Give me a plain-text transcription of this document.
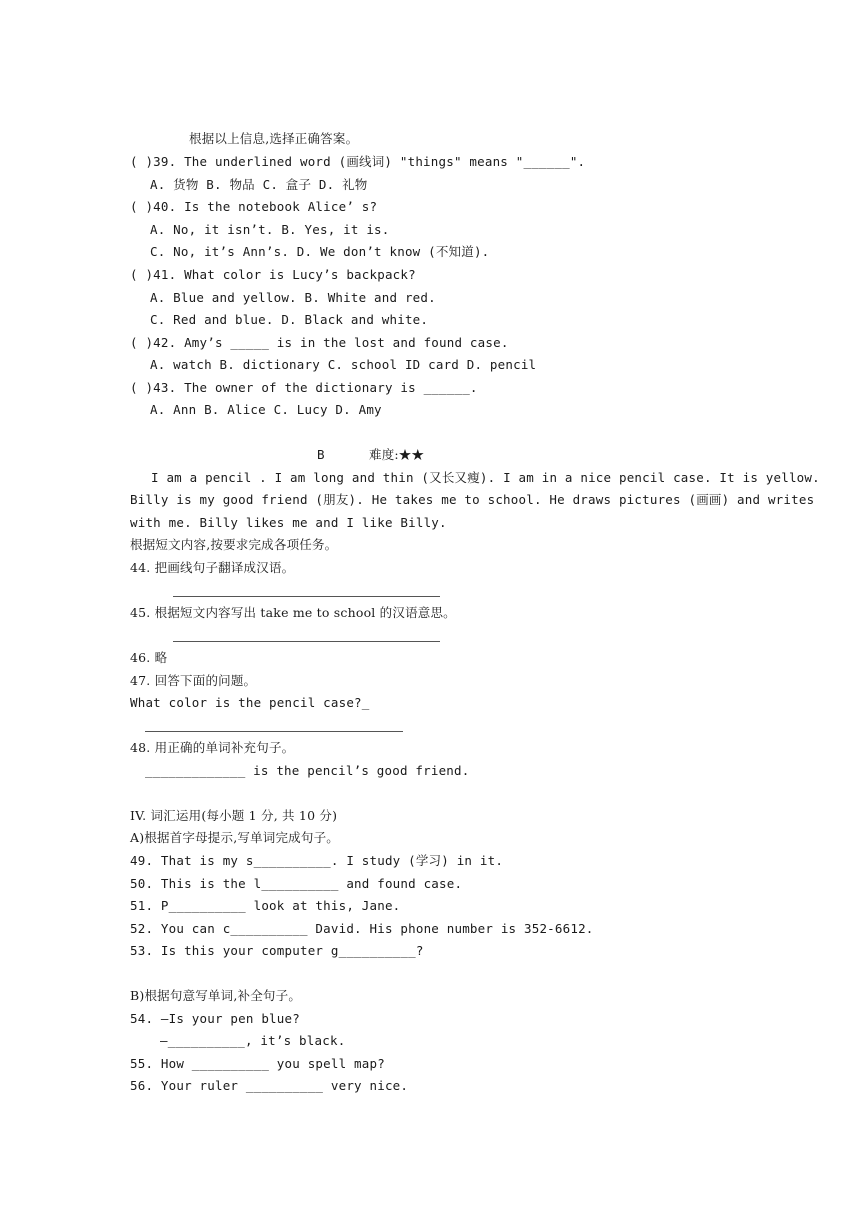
根据以上信息,选择正确答案。
( )39. The underlined word (画线词) "things" means "______".
A. 货物 B. 物品 C. 盒子 D. 礼物
( )40. Is the notebook Alice’ s?
A. No, it isn’t. B. Yes, it is.
C. No, it’s Ann’s. D. We don’t know (不知道).
( )41. What color is Lucy’s backpack?
A. Blue and yellow. B. White and red.
C. Red and blue. D. Black and white.
( )42. Amy’s _____ is in the lost and found case.
A. watch B. dictionary C. school ID card D. pencil
( )43. The owner of the dictionary is ______.
A. Ann B. Alice C. Lucy D. Amy
B	难度:★★
I am a pencil . I am long and thin (又长又瘦). I am in a nice pencil case. It is yellow.
Billy is my good friend (朋友). He takes me to school. He draws pictures (画画) and writes
with me. Billy likes me and I like Billy.
根据短文内容,按要求完成各项任务。
44. 把画线句子翻译成汉语。
45. 根据短文内容写出 take me to school 的汉语意思。
46. 略
47. 回答下面的问题。
What color is the pencil case?_
48. 用正确的单词补充句子。
_____________ is the pencil’s good friend.
IV. 词汇运用(每小题 1 分, 共 10 分)
A)根据首字母提示,写单词完成句子。
49. That is my s__________. I study (学习) in it.
50. This is the l__________ and found case.
51. P__________ look at this, Jane.
52. You can c__________ David. His phone number is 352-6612.
53. Is this your computer g__________?
B)根据句意写单词,补全句子。
54. —Is your pen blue?
—__________, it’s black.
55. How __________ you spell map?
56. Your ruler __________ very nice.
